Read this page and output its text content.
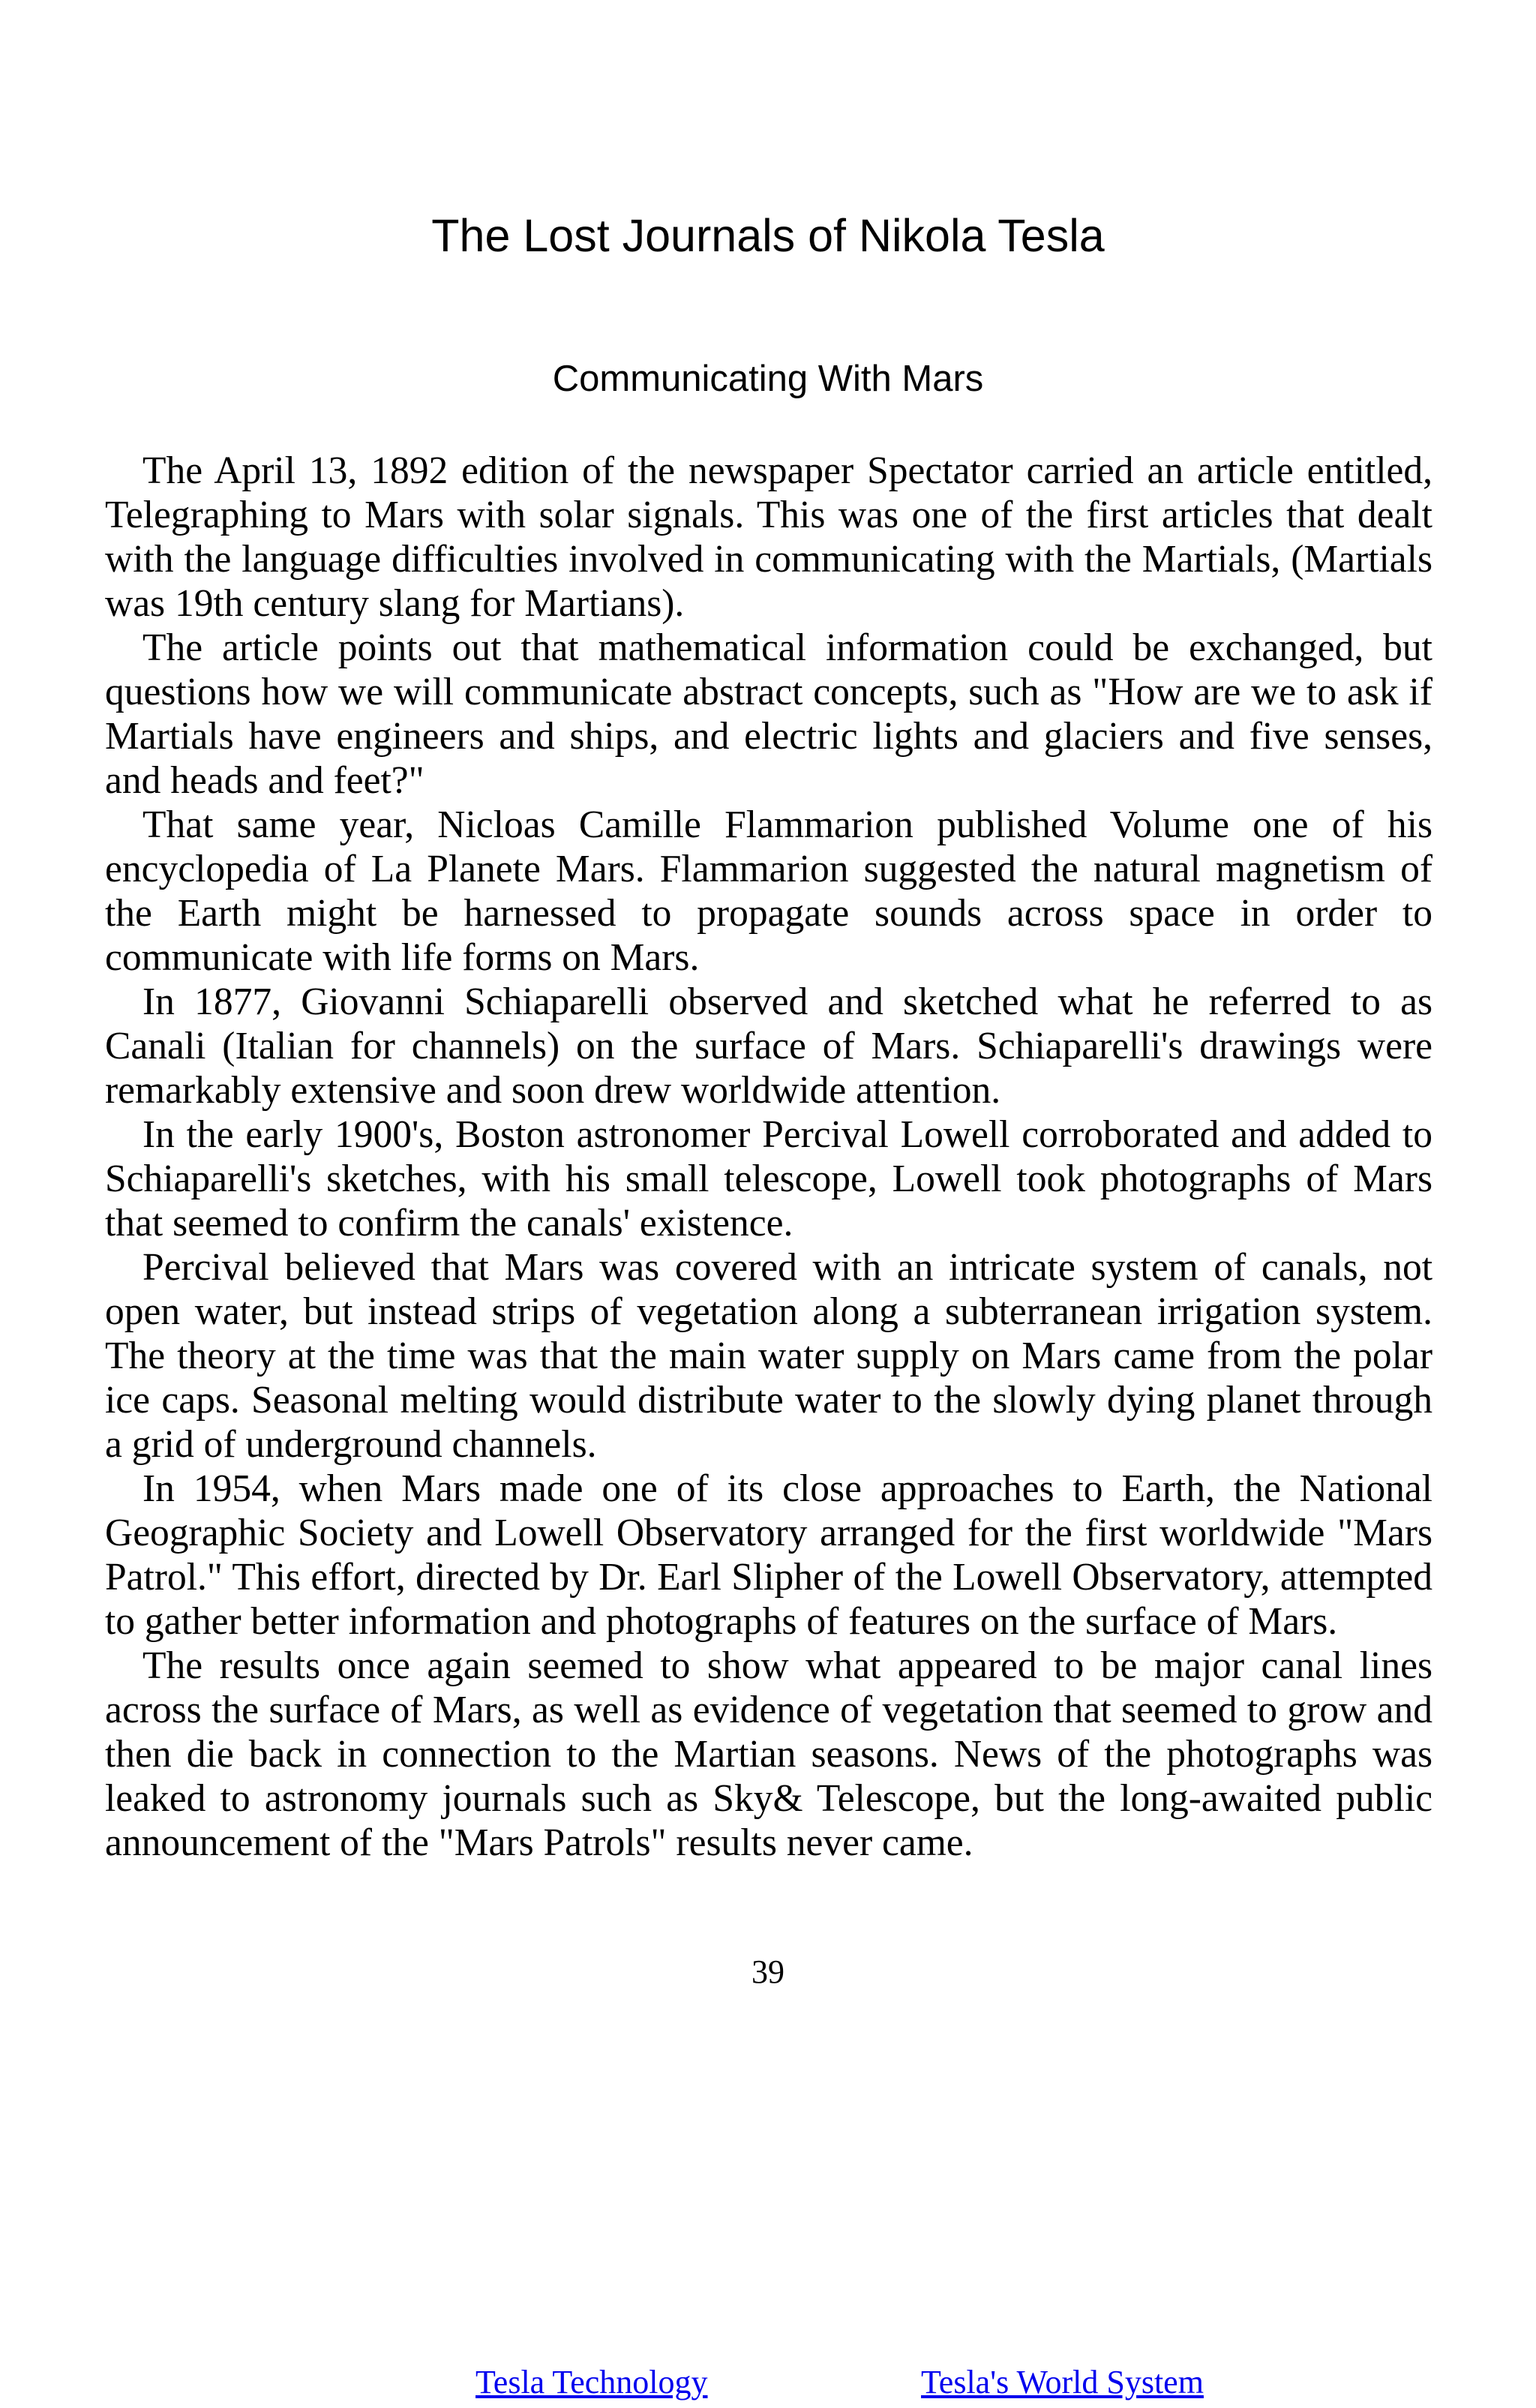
The Lost Journals of Nikola Tesla
Communicating With Mars

The April 13, 1892 edition of the newspaper Spectator carried an article entitled, Telegraphing to Mars with solar signals. This was one of the first articles that dealt with the language difficulties involved in communicating with the Martials, (Martials was 19th century slang for Martians).

The article points out that mathematical information could be exchanged, but questions how we will communicate abstract concepts, such as "How are we to ask if Martials have engineers and ships, and electric lights and glaciers and five senses, and heads and feet?"

That same year, Nicloas Camille Flammarion published Volume one of his encyclopedia of La Planete Mars. Flammarion suggested the natural magnetism of the Earth might be harnessed to propagate sounds across space in order to communicate with life forms on Mars.

In 1877, Giovanni Schiaparelli observed and sketched what he referred to as Canali (Italian for channels) on the surface of Mars. Schiaparelli's drawings were remarkably extensive and soon drew worldwide attention.

In the early 1900's, Boston astronomer Percival Lowell corroborated and added to Schiaparelli's sketches, with his small telescope, Lowell took photographs of Mars that seemed to confirm the canals' existence.

Percival believed that Mars was covered with an intricate system of canals, not open water, but instead strips of vegetation along a subterranean irrigation system. The theory at the time was that the main water supply on Mars came from the polar ice caps. Seasonal melting would distribute water to the slowly dying planet through a grid of underground channels.

In 1954, when Mars made one of its close approaches to Earth, the National Geographic Society and Lowell Observatory arranged for the first worldwide "Mars Patrol." This effort, directed by Dr. Earl Slipher of the Lowell Observatory, attempted to gather better information and photographs of features on the surface of Mars.

The results once again seemed to show what appeared to be major canal lines across the surface of Mars, as well as evidence of vegetation that seemed to grow and then die back in connection to the Martian seasons. News of the photographs was leaked to astronomy journals such as Sky& Telescope, but the long-awaited public announcement of the "Mars Patrols" results never came.

39
Tesla Technology	Tesla's World System
